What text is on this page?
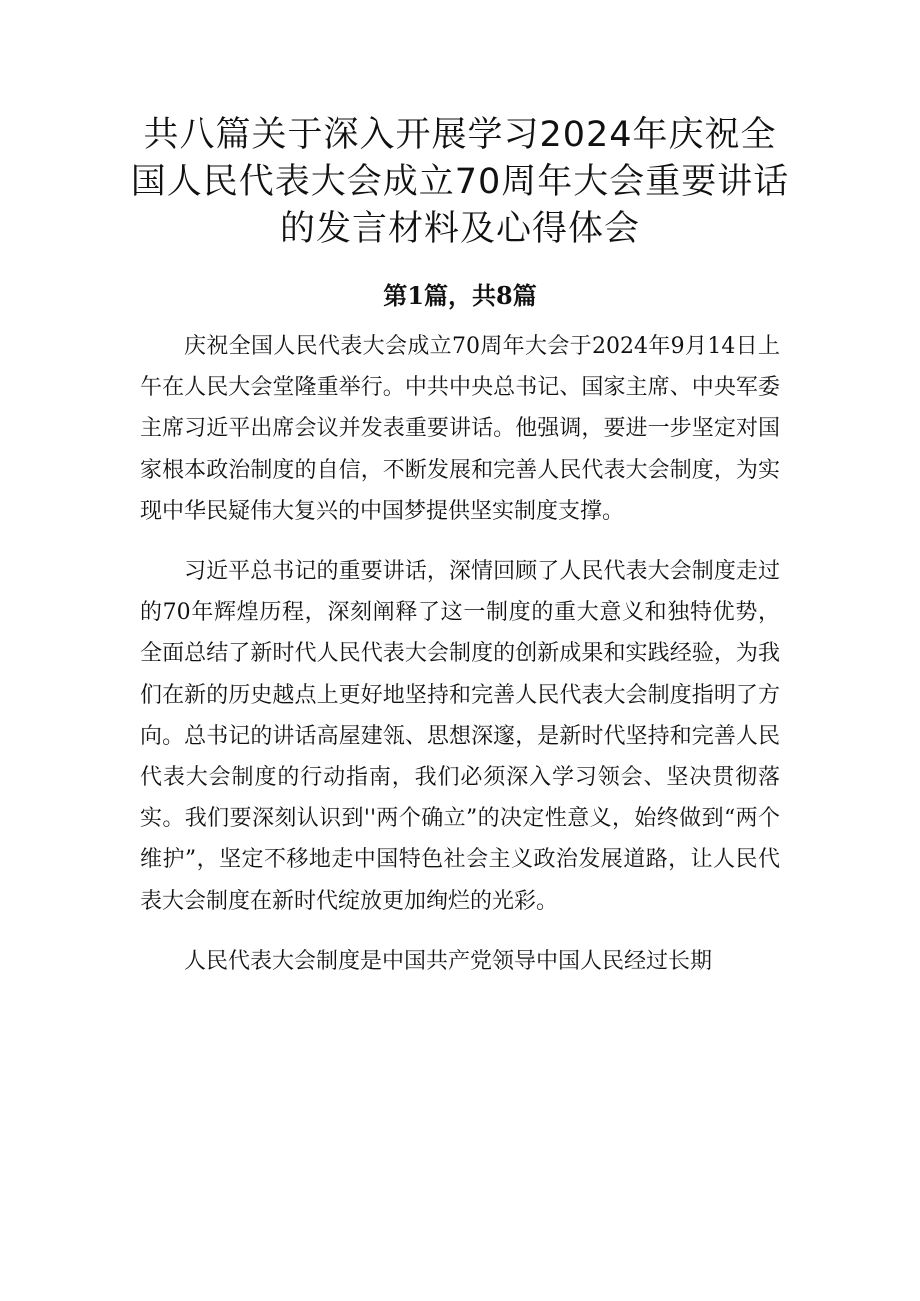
共八篇关于深入开展学习2024年庆祝全国人民代表大会成立70周年大会重要讲话的发言材料及心得体会
第1篇，共8篇

庆祝全国人民代表大会成立70周年大会于2024年9月14日上午在人民大会堂隆重举行。中共中央总书记、国家主席、中央军委主席习近平出席会议并发表重要讲话。他强调，要进一步坚定对国家根本政治制度的自信，不断发展和完善人民代表大会制度，为实现中华民疑伟大复兴的中国梦提供坚实制度支撑。

习近平总书记的重要讲话，深情回顾了人民代表大会制度走过的70年辉煌历程，深刻阐释了这一制度的重大意义和独特优势，全面总结了新时代人民代表大会制度的创新成果和实践经验，为我们在新的历史越点上更好地坚持和完善人民代表大会制度指明了方向。总书记的讲话高屋建瓴、思想深邃，是新时代坚持和完善人民代表大会制度的行动指南，我们必须深入学习领会、坚决贯彻落实。我们要深刻认识到''两个确立”的决定性意义，始终做到“两个维护”，坚定不移地走中国特色社会主义政治发展道路，让人民代表大会制度在新时代绽放更加绚烂的光彩。

人民代表大会制度是中国共产党领导中国人民经过长期
